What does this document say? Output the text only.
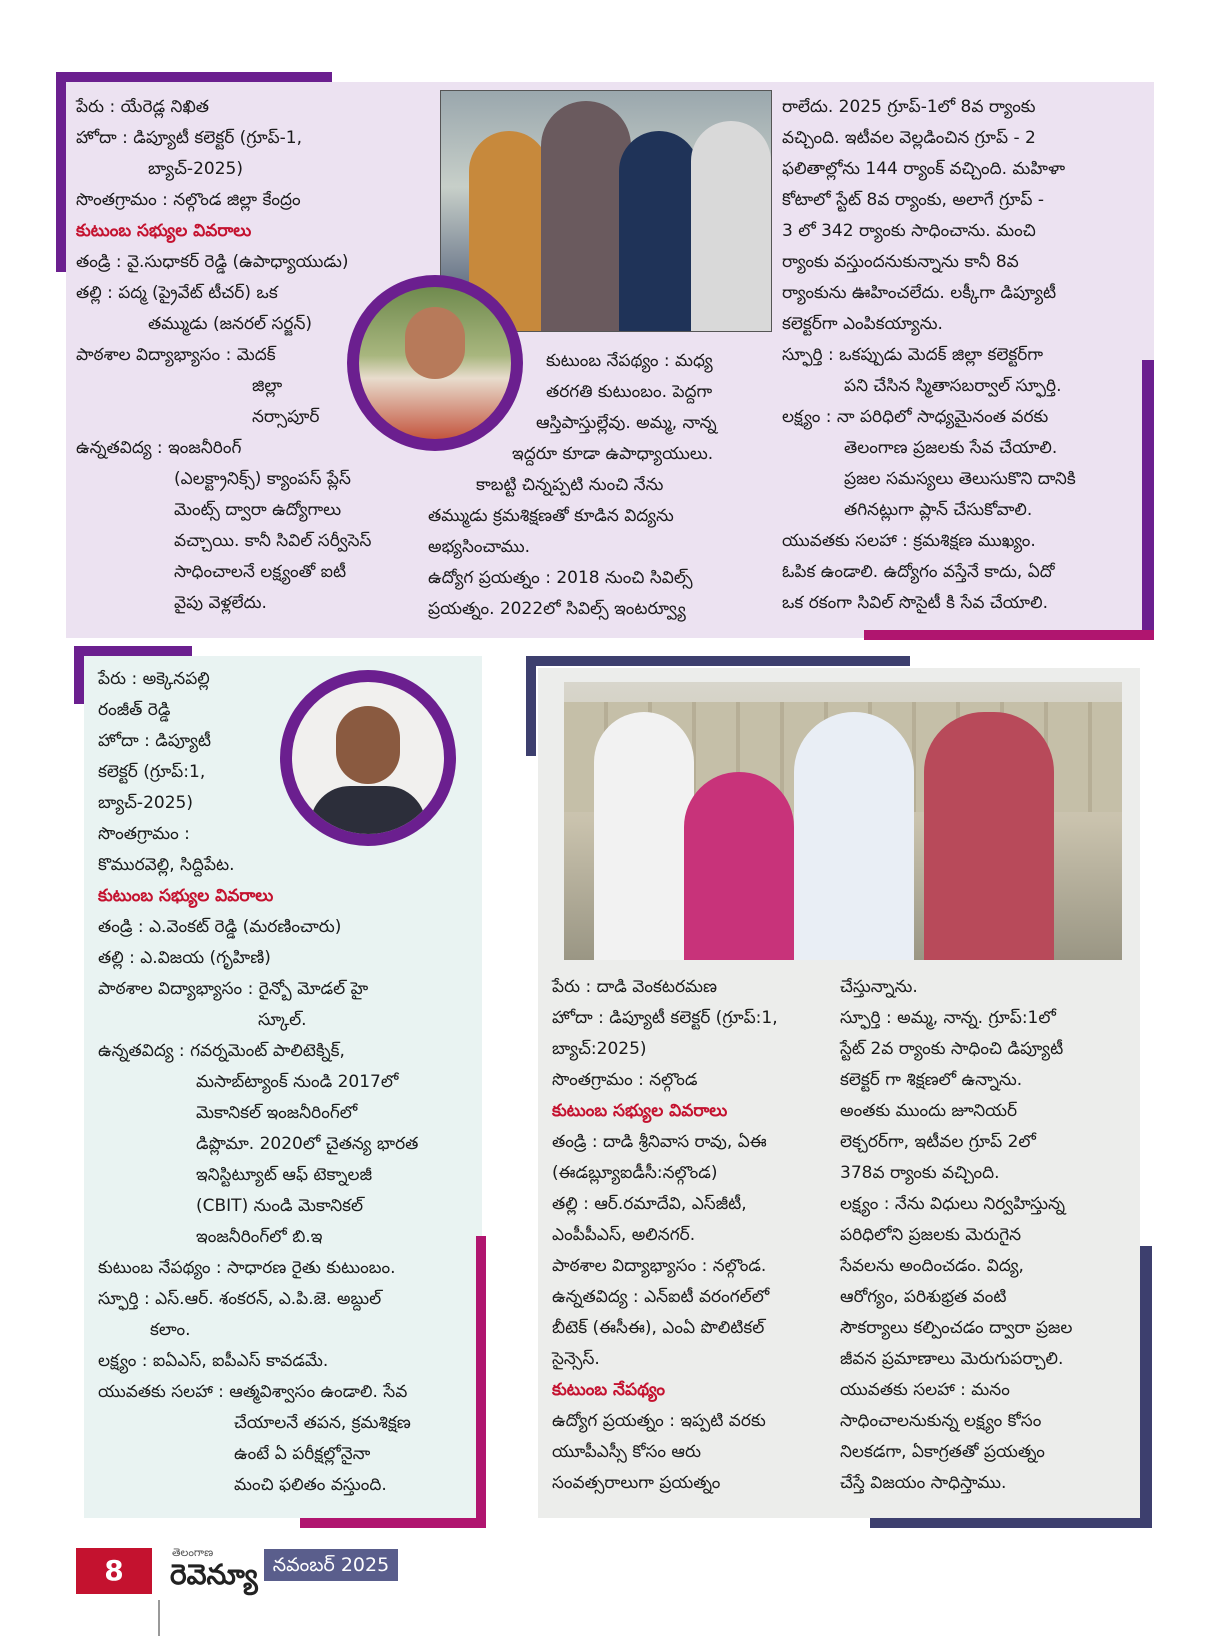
పేరు : యేరెడ్ల నిఖిత
హోదా : డిప్యూటీ కలెక్టర్ (గ్రూప్-1,
బ్యాచ్-2025)
సొంతగ్రామం : నల్గొండ జిల్లా కేంద్రం
కుటుంబ సభ్యుల వివరాలు
తండ్రి : వై.సుధాకర్ రెడ్డి (ఉపాధ్యాయుడు)
తల్లి : పద్మ (ప్రైవేట్ టీచర్) ఒక
తమ్ముడు (జనరల్ సర్జన్)
పాఠశాల విద్యాభ్యాసం : మెదక్
జిల్లా
నర్సాపూర్
ఉన్నతవిద్య : ఇంజనీరింగ్
(ఎలక్ట్రానిక్స్) క్యాంపస్ ప్లేస్
మెంట్స్ ద్వారా ఉద్యోగాలు
వచ్చాయి. కానీ సివిల్ సర్వీసెస్
సాధించాలనే లక్ష్యంతో ఐటీ
వైపు వెళ్లలేదు.
కుటుంబ నేపథ్యం : మధ్య
తరగతి కుటుంబం. పెద్దగా
ఆస్తిపాస్తుల్లేవు. అమ్మ, నాన్న
ఇద్దరూ కూడా ఉపాధ్యాయులు.
కాబట్టి చిన్నప్పటి నుంచి నేను
తమ్ముడు క్రమశిక్షణతో కూడిన విద్యను
అభ్యసించాము.
ఉద్యోగ ప్రయత్నం : 2018 నుంచి సివిల్స్
ప్రయత్నం. 2022లో సివిల్స్ ఇంటర్వ్యూ
రాలేదు. 2025 గ్రూప్-1లో 8వ ర్యాంకు
వచ్చింది. ఇటీవల వెల్లడించిన గ్రూప్ - 2
ఫలితాల్లోను 144 ర్యాంక్ వచ్చింది. మహిళా
కోటాలో స్టేట్ 8వ ర్యాంకు, అలాగే గ్రూప్ -
3 లో 342 ర్యాంకు సాధించాను. మంచి
ర్యాంకు వస్తుందనుకున్నాను కానీ 8వ
ర్యాంకును ఊహించలేదు. లక్కీగా డిప్యూటీ
కలెక్టర్‌గా ఎంపికయ్యాను.
స్ఫూర్తి : ఒకప్పుడు మెదక్ జిల్లా కలెక్టర్‌గా
పని చేసిన స్మితాసబర్వాల్ స్ఫూర్తి.
లక్ష్యం : నా పరిధిలో సాధ్యమైనంత వరకు
తెలంగాణ ప్రజలకు సేవ చేయాలి.
ప్రజల సమస్యలు తెలుసుకొని దానికి
తగినట్లుగా ప్లాన్ చేసుకోవాలి.
యువతకు సలహా : క్రమశిక్షణ ముఖ్యం.
ఓపిక ఉండాలి. ఉద్యోగం వస్తేనే కాదు, ఏదో
ఒక రకంగా సివిల్ సొసైటీ కి సేవ చేయాలి.
పేరు : అక్కెనపల్లి
రంజీత్ రెడ్డి
హోదా : డిప్యూటీ
కలెక్టర్ (గ్రూప్:1,
బ్యాచ్-2025)
సొంతగ్రామం :
కొమురవెల్లి, సిద్దిపేట.
కుటుంబ సభ్యుల వివరాలు
తండ్రి : ఎ.వెంకట్ రెడ్డి (మరణించారు)
తల్లి : ఎ.విజయ (గృహిణి)
పాఠశాల విద్యాభ్యాసం : రైన్బో మోడల్ హై
స్కూల్.
ఉన్నతవిద్య : గవర్నమెంట్ పాలిటెక్నిక్,
మసాబ్‌ట్యాంక్ నుండి 2017లో
మెకానికల్ ఇంజనీరింగ్‌లో
డిప్లొమా. 2020లో చైతన్య భారత
ఇనిస్టిట్యూట్ ఆఫ్ టెక్నాలజీ
(CBIT) నుండి మెకానికల్
ఇంజనీరింగ్‌లో బి.ఇ
కుటుంబ నేపథ్యం : సాధారణ రైతు కుటుంబం.
స్ఫూర్తి : ఎస్.ఆర్. శంకరన్, ఎ.పి.జె. అబ్దుల్
కలాం.
లక్ష్యం : ఐఏఎస్, ఐపీఎస్ కావడమే.
యువతకు సలహా : ఆత్మవిశ్వాసం ఉండాలి. సేవ
చేయాలనే తపన, క్రమశిక్షణ
ఉంటే ఏ పరీక్షల్లోనైనా
మంచి ఫలితం వస్తుంది.
పేరు : దాడి వెంకటరమణ
హోదా : డిప్యూటీ కలెక్టర్ (గ్రూప్:1,
బ్యాచ్:2025)
సొంతగ్రామం : నల్గొండ
కుటుంబ సభ్యుల వివరాలు
తండ్రి : దాడి శ్రీనివాస రావు, ఏఈ
(ఈడబ్ల్యూఐడీసీ:నల్గొండ)
తల్లి : ఆర్.రమాదేవి, ఎస్‌జీటీ,
ఎంపీపీఎస్, అలినగర్.
పాఠశాల విద్యాభ్యాసం : నల్గొండ.
ఉన్నతవిద్య : ఎన్ఐటీ వరంగల్‌లో
బీటెక్ (ఈసీఈ), ఎంఏ పొలిటికల్
సైన్సెస్.
కుటుంబ నేపథ్యం
ఉద్యోగ ప్రయత్నం : ఇప్పటి వరకు
యూపీఎస్సీ కోసం ఆరు
సంవత్సరాలుగా ప్రయత్నం
చేస్తున్నాను.
స్ఫూర్తి : అమ్మ, నాన్న. గ్రూప్:1లో
స్టేట్ 2వ ర్యాంకు సాధించి డిప్యూటీ
కలెక్టర్ గా శిక్షణలో ఉన్నాను.
అంతకు ముందు జూనియర్
లెక్చరర్‌గా, ఇటీవల గ్రూప్ 2లో
378వ ర్యాంకు వచ్చింది.
లక్ష్యం : నేను విధులు నిర్వహిస్తున్న
పరిధిలోని ప్రజలకు మెరుగైన
సేవలను అందించడం. విద్య,
ఆరోగ్యం, పరిశుభ్రత వంటి
సౌకర్యాలు కల్పించడం ద్వారా ప్రజల
జీవన ప్రమాణాలు మెరుగుపర్చాలి.
యువతకు సలహా : మనం
సాధించాలనుకున్న లక్ష్యం కోసం
నిలకడగా, ఏకాగ్రతతో ప్రయత్నం
చేస్తే విజయం సాధిస్తాము.
8
తెలంగాణ
రెవెన్యూ నవంబర్ 2025
